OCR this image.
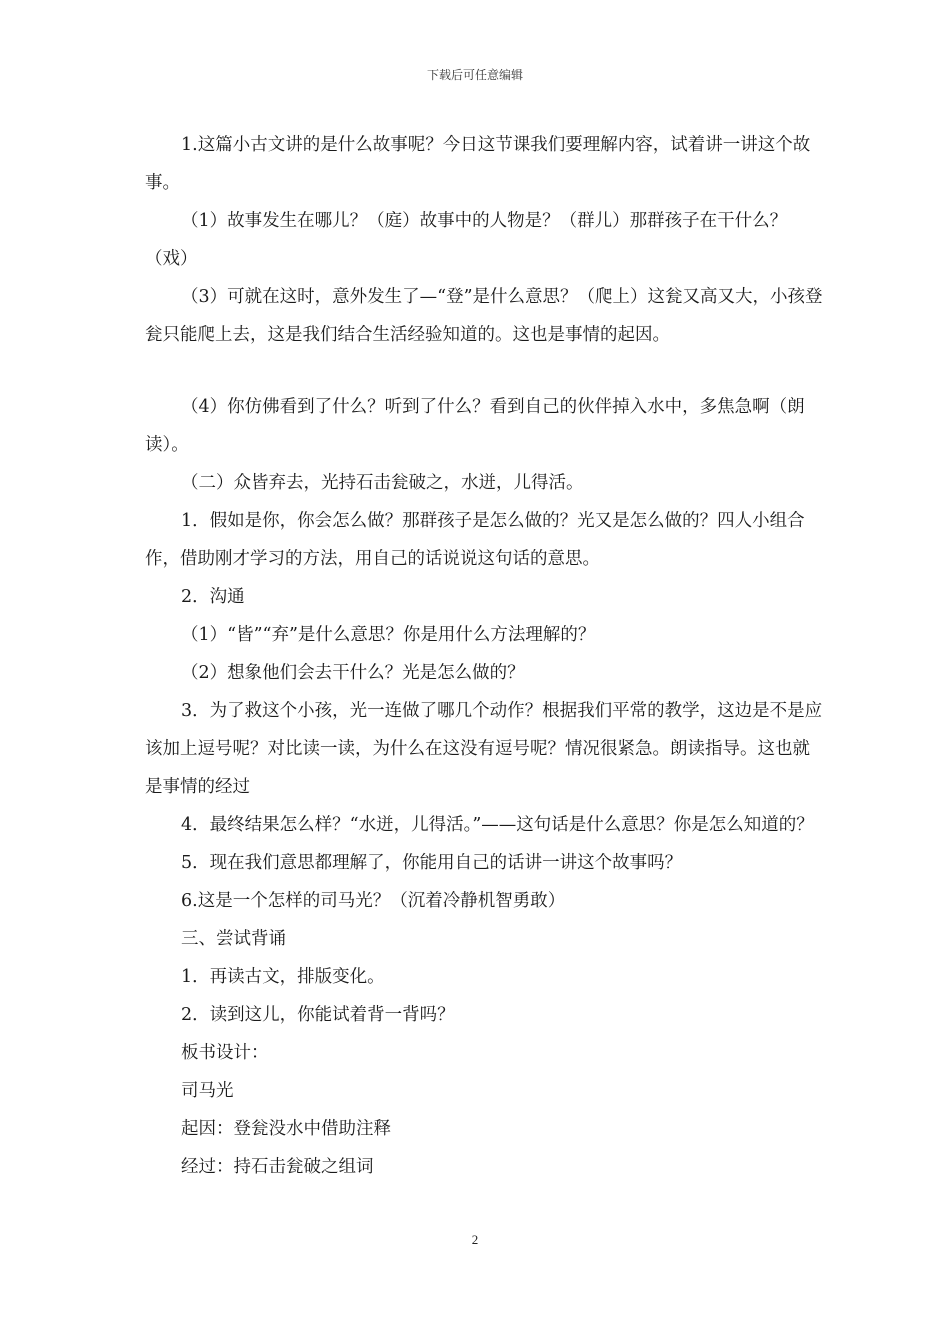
下载后可任意编辑

1.这篇小古文讲的是什么故事呢？今日这节课我们要理解内容，试着讲一讲这个故事。

（1）故事发生在哪儿？（庭）故事中的人物是？（群儿）那群孩子在干什么？（戏）

（3）可就在这时，意外发生了—“登”是什么意思？（爬上）这瓮又高又大，小孩登瓮只能爬上去，这是我们结合生活经验知道的。这也是事情的起因。

（4）你仿佛看到了什么？听到了什么？看到自己的伙伴掉入水中，多焦急啊（朗读）。

（二）众皆弃去，光持石击瓮破之，水迸，儿得活。

1．假如是你，你会怎么做？那群孩子是怎么做的？光又是怎么做的？四人小组合作，借助刚才学习的方法，用自己的话说说这句话的意思。

2．沟通

（1）“皆”“弃”是什么意思？你是用什么方法理解的？

（2）想象他们会去干什么？光是怎么做的？

3．为了救这个小孩，光一连做了哪几个动作？根据我们平常的教学，这边是不是应该加上逗号呢？对比读一读，为什么在这没有逗号呢？情况很紧急。朗读指导。这也就是事情的经过

4．最终结果怎么样？“水迸，儿得活。”——这句话是什么意思？你是怎么知道的？

5．现在我们意思都理解了，你能用自己的话讲一讲这个故事吗？

6.这是一个怎样的司马光？（沉着冷静机智勇敢）

三、尝试背诵

1．再读古文，排版变化。

2．读到这儿，你能试着背一背吗？

板书设计：

司马光

起因：登瓮没水中借助注释

经过：持石击瓮破之组词

2
